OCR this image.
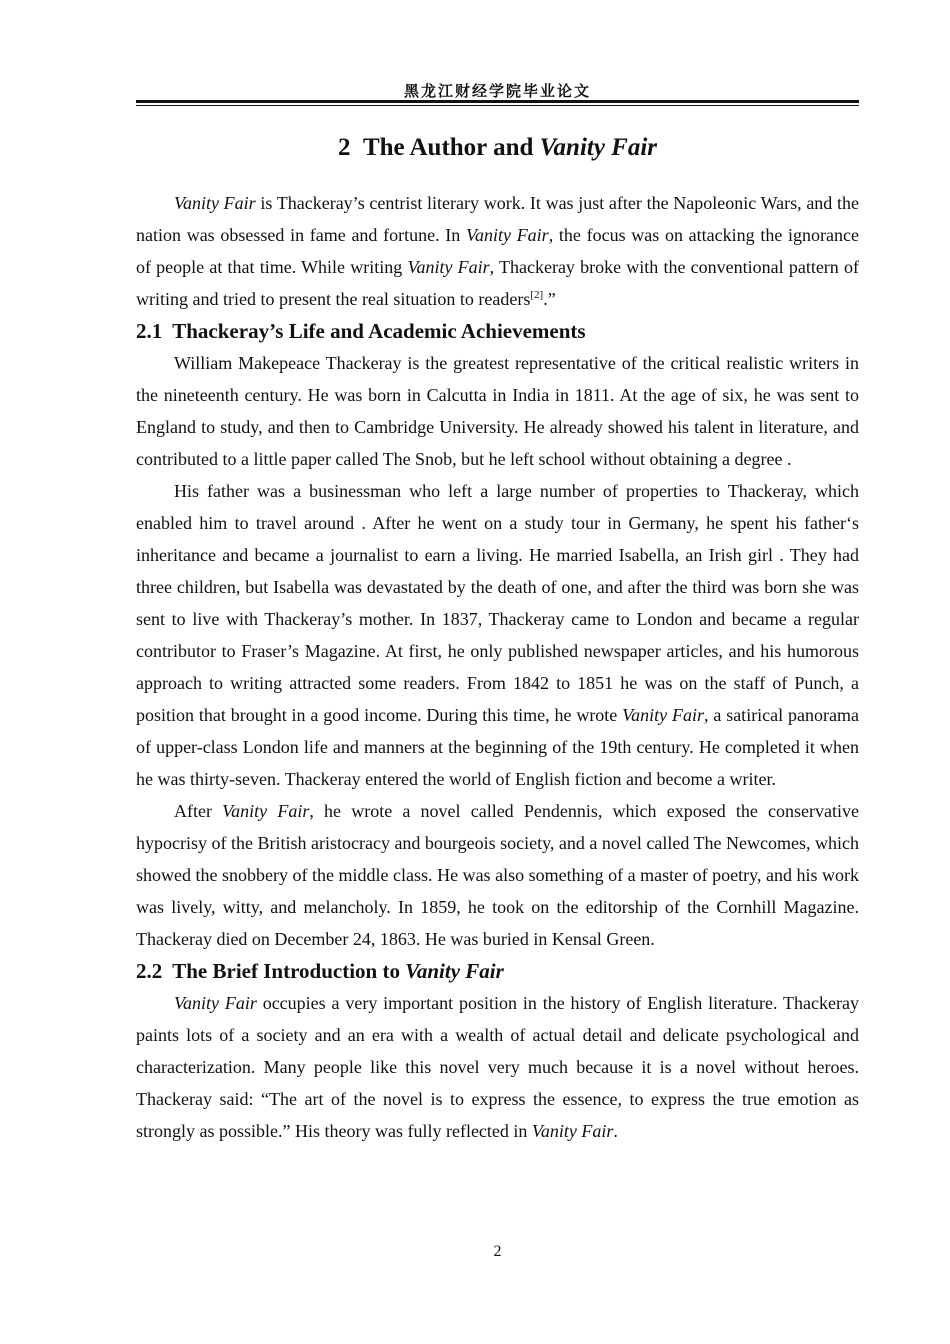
黑龙江财经学院毕业论文
2 The Author and Vanity Fair

Vanity Fair is Thackeray’s centrist literary work. It was just after the Napoleonic Wars, and the nation was obsessed in fame and fortune. In Vanity Fair, the focus was on attacking the ignorance of people at that time. While writing Vanity Fair, Thackeray broke with the conventional pattern of writing and tried to present the real situation to readers[2].”

2.1 Thackeray’s Life and Academic Achievements

William Makepeace Thackeray is the greatest representative of the critical realistic writers in the nineteenth century. He was born in Calcutta in India in 1811. At the age of six, he was sent to England to study, and then to Cambridge University. He already showed his talent in literature, and contributed to a little paper called The Snob, but he left school without obtaining a degree .

His father was a businessman who left a large number of properties to Thackeray, which enabled him to travel around . After he went on a study tour in Germany, he spent his father‘s inheritance and became a journalist to earn a living. He married Isabella, an Irish girl . They had three children, but Isabella was devastated by the death of one, and after the third was born she was sent to live with Thackeray’s mother. In 1837, Thackeray came to London and became a regular contributor to Fraser’s Magazine. At first, he only published newspaper articles, and his humorous approach to writing attracted some readers. From 1842 to 1851 he was on the staff of Punch, a position that brought in a good income. During this time, he wrote Vanity Fair, a satirical panorama of upper-class London life and manners at the beginning of the 19th century. He completed it when he was thirty-seven. Thackeray entered the world of English fiction and become a writer.

After Vanity Fair, he wrote a novel called Pendennis, which exposed the conservative hypocrisy of the British aristocracy and bourgeois society, and a novel called The Newcomes, which showed the snobbery of the middle class. He was also something of a master of poetry, and his work was lively, witty, and melancholy. In 1859, he took on the editorship of the Cornhill Magazine. Thackeray died on December 24, 1863. He was buried in Kensal Green.

2.2 The Brief Introduction to Vanity Fair

Vanity Fair occupies a very important position in the history of English literature. Thackeray paints lots of a society and an era with a wealth of actual detail and delicate psychological and characterization. Many people like this novel very much because it is a novel without heroes. Thackeray said: “The art of the novel is to express the essence, to express the true emotion as strongly as possible.” His theory was fully reflected in Vanity Fair.

2
